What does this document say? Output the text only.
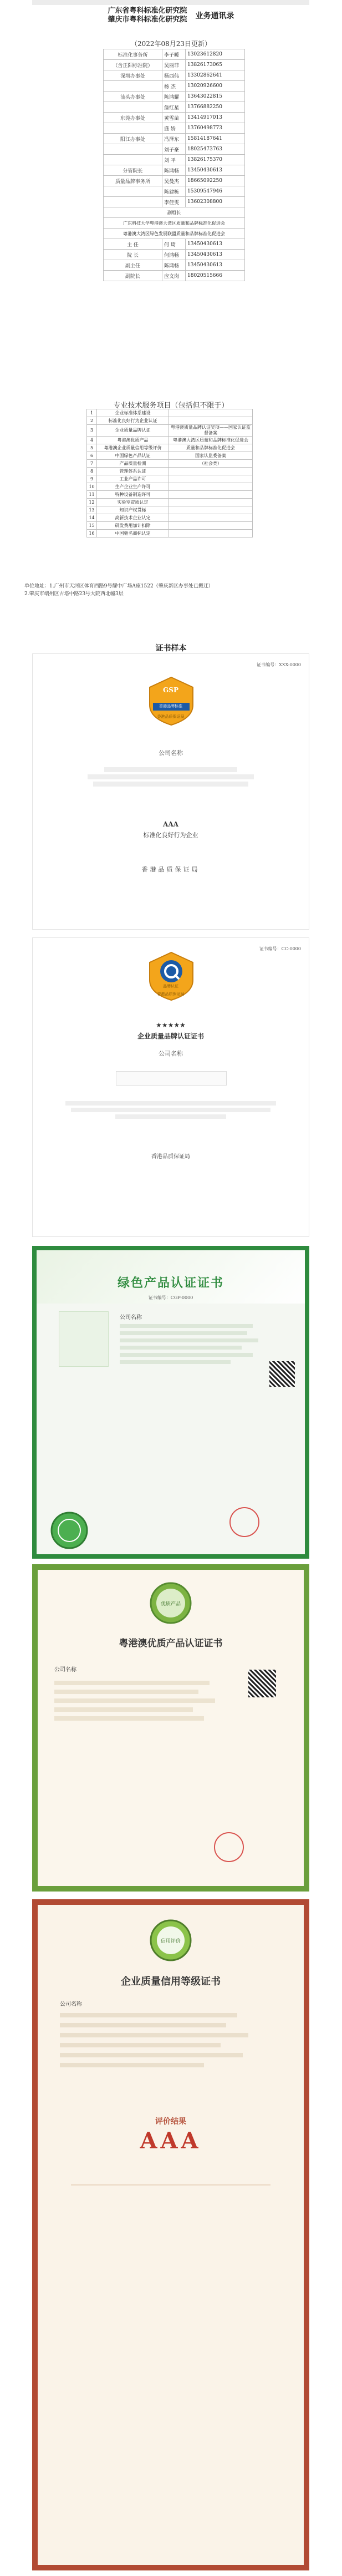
广东省粤科标准化研究院
肇庆市粤科标准化研究院 业务通讯录
（2022年08月23日更新）
标准化事务所	李子暖	13023612820
（含正阳标准院）	吴丽菲	13826173065
深圳办事处	杨西伟	13302862641
	杨 杰	13020926600
汕头办事处	陈鸿耀	13643022815
	詹红星	13766882250
东莞办事处	黄雪苗	13414917013
	盛 娇	13760498773
阳江办事处	冯泽东	15814187641
	刘子豪	18025473763
	刘 平	13826175370
分管院长	陈鸿畅	13450430613
质量品牌事务所	吴曼杰	18665092250
	陈建栋	15309547946
	李佳雯	13602308800
副组长		
广东科技大学粤港澳大湾区质量和品牌标准化促进会		
粤港澳大湾区绿色发展联盟质量和品牌标准化促进会		
主 任	何 琦	13450430613
院 长	何鸿畅	13450430613
副主任	陈鸿畅	13450430613
副院长	应文岗	18020515666
专业技术服务项目（包括但不限于）
1	企业标准体系建设	
2	标准化良好行为企业认证	
3	企业质量品牌认证	粤港澳质量品牌认证奖项——国家认证监督备案
4	粤港澳优质产品	粤港澳大湾区质量和品牌标准化促进会
5	粤港澳企业质量信用等级评价	质量和品牌标准化促进会
6	中国绿色产品认证	国家认监委备案
7	产品质量检测	（社会类）
8	管理体系认证	
9	工业产品许可	
10	生产企业生产许可	
11	特种设备制造许可	
12	实验室资质认定	
13	知识产权贯标	
14	高新技术企业认定	
15	研发费用加计扣除	
16	中国驰名商标认定	
单位地址：1.广州市天河区体育西路9号耀中广场A座1522（肇庆新区办事处已搬迁）
2.肇庆市端州区古塔中路23号大院西北幢3层
证书样本
证书编号：XXX-0000
GSP
香港品牌标准
香港品质保证局
公司名称
AAA
标准化良好行为企业
香港品质保证局
证书编号：CC-0000
品牌认证
香港品质保证局
★★★★★
企业质量品牌认证证书
公司名称
香港品质保证局
绿色产品认证证书
证书编号：CGP-0000
公司名称
优质产品
粤港澳优质产品认证证书
公司名称
信用评价
企业质量信用等级证书
公司名称
评价结果
AAA
